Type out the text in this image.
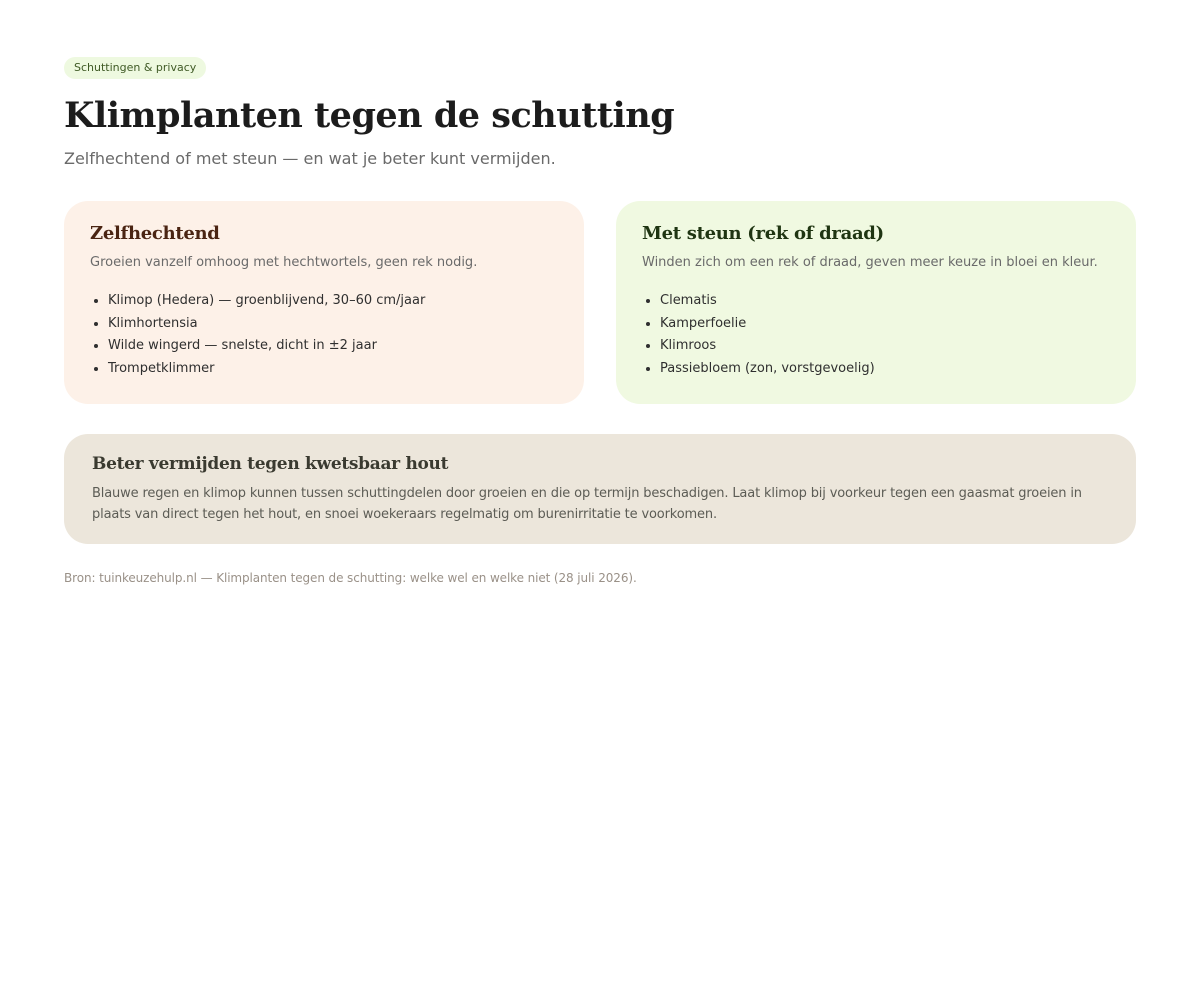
Schuttingen & privacy
Klimplanten tegen de schutting

Zelfhechtend of met steun — en wat je beter kunt vermijden.

Zelfhechtend

Groeien vanzelf omhoog met hechtwortels, geen rek nodig.

Klimop (Hedera) — groenblijvend, 30–60 cm/jaar
Klimhortensia
Wilde wingerd — snelste, dicht in ±2 jaar
Trompetklimmer
Met steun (rek of draad)

Winden zich om een rek of draad, geven meer keuze in bloei en kleur.

Clematis
Kamperfoelie
Klimroos
Passiebloem (zon, vorstgevoelig)
Beter vermijden tegen kwetsbaar hout

Blauwe regen en klimop kunnen tussen schuttingdelen door groeien en die op termijn beschadigen. Laat klimop bij voorkeur tegen een gaasmat groeien in plaats van direct tegen het hout, en snoei woekeraars regelmatig om burenirritatie te voorkomen.

Bron: tuinkeuzehulp.nl — Klimplanten tegen de schutting: welke wel en welke niet (28 juli 2026).
